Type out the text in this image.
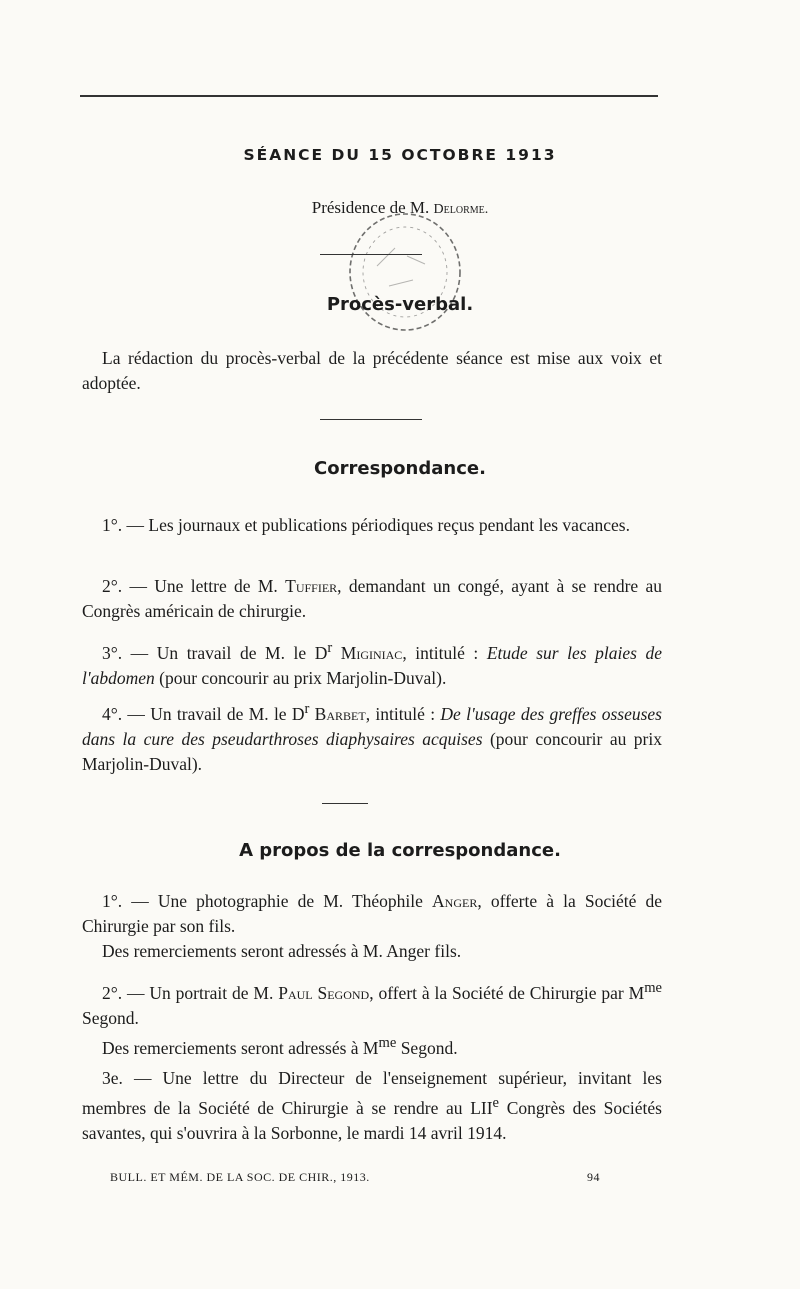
SÉANCE DU 15 OCTOBRE 1913
Présidence de M. Delorme.
Procès-verbal.

La rédaction du procès-verbal de la précédente séance est mise aux voix et adoptée.

Correspondance.

1°. — Les journaux et publications périodiques reçus pendant les vacances.

2°. — Une lettre de M. Tuffier, demandant un congé, ayant à se rendre au Congrès américain de chirurgie.

3°. — Un travail de M. le $D^r$ Miginiac, intitulé : Etude sur les plaies de l'abdomen (pour concourir au prix Marjolin-Duval).

4°. — Un travail de M. le $D^r$ Barbet, intitulé : De l'usage des greffes osseuses dans la cure des pseudarthroses diaphysaires acquises (pour concourir au prix Marjolin-Duval).

A propos de la correspondance.

1°. — Une photographie de M. Théophile Anger, offerte à la Société de Chirurgie par son fils.

Des remerciements seront adressés à M. Anger fils.

2°. — Un portrait de M. Paul Segond, offert à la Société de Chirurgie par $M^{me}$ Segond.

Des remerciements seront adressés à $M^{me}$ Segond.

3e. — Une lettre du Directeur de l'enseignement supérieur, invitant les membres de la Société de Chirurgie à se rendre au LIIe Congrès des Sociétés savantes, qui s'ouvrira à la Sorbonne, le mardi 14 avril 1914.

BULL. ET MÉM. DE LA SOC. DE CHIR., 1913.	94
